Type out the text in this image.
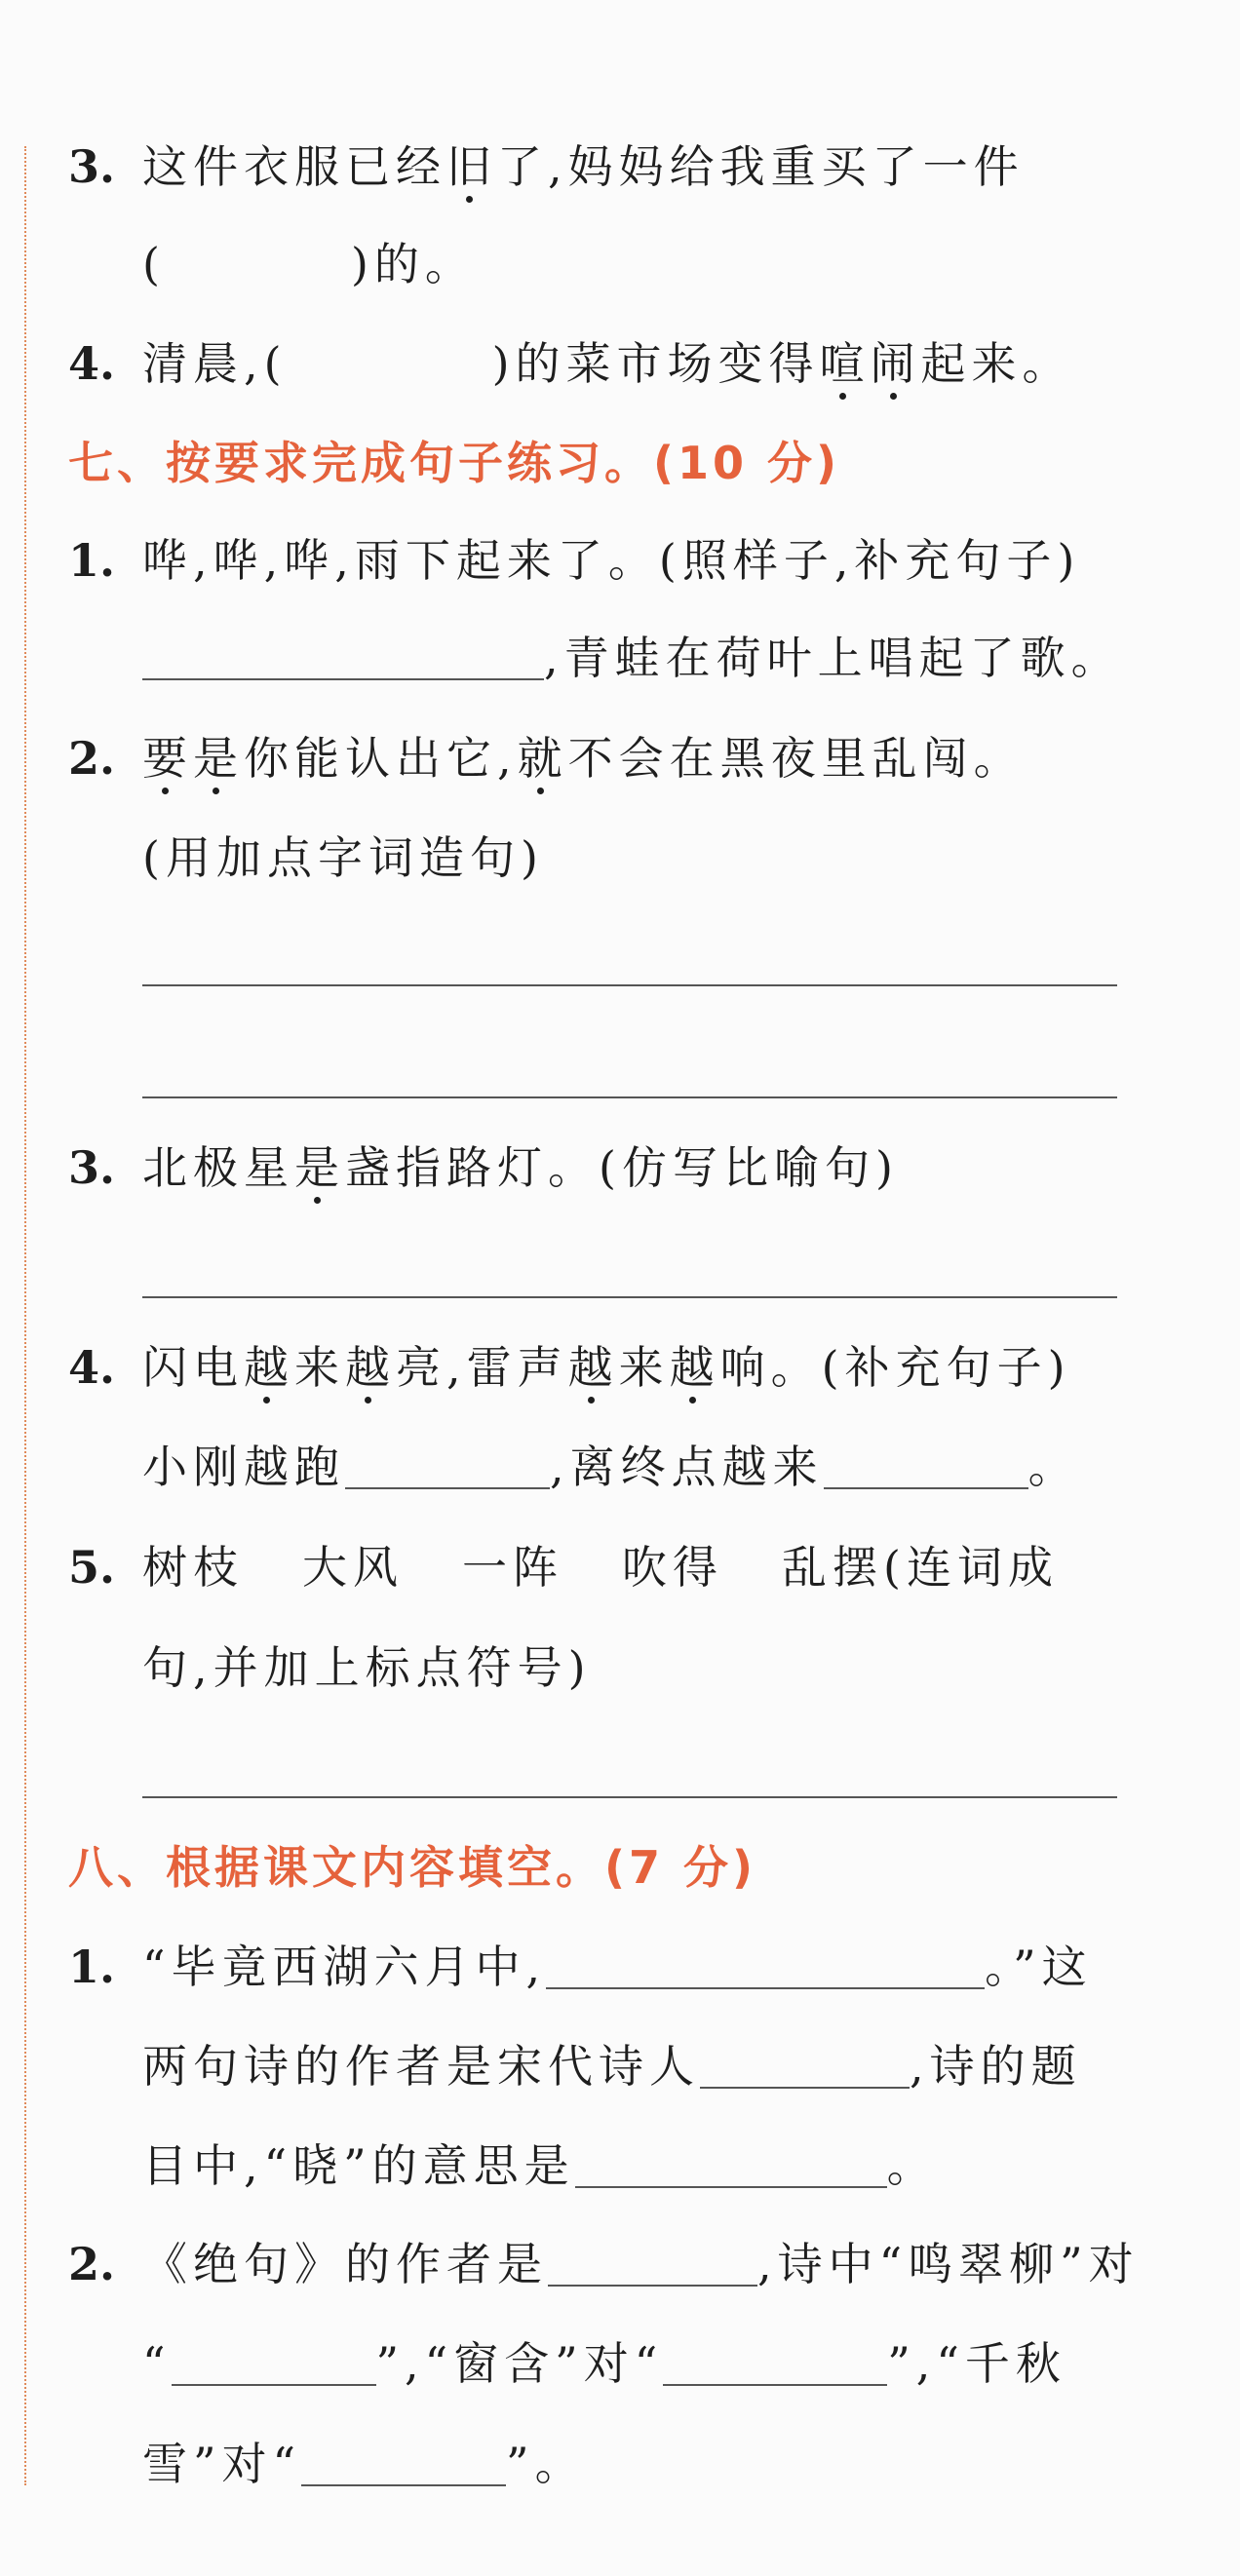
3. 这件衣服已经旧了,妈妈给我重买了一件
(	)的。
4. 清晨,(	)的菜市场变得喧闹起来。
七、按要求完成句子练习。(10 分)
1. 哗,哗,哗,雨下起来了。(照样子,补充句子)
,青蛙在荷叶上唱起了歌。
2. 要是你能认出它,就不会在黑夜里乱闯。
(用加点字词造句)
3. 北极星是盏指路灯。(仿写比喻句)
4. 闪电越来越亮,雷声越来越响。(补充句子)
小刚越跑	,离终点越来	。
5. 树枝 大风 一阵 吹得 乱摆(连词成
句,并加上标点符号)
八、根据课文内容填空。(7 分)
1. “毕竟西湖六月中,	。”这
两句诗的作者是宋代诗人	,诗的题
目中,“晓”的意思是	。
2. 《绝句》的作者是	,诗中“鸣翠柳”对
“	”,“窗含”对“	”,“千秋
雪”对“	”。
